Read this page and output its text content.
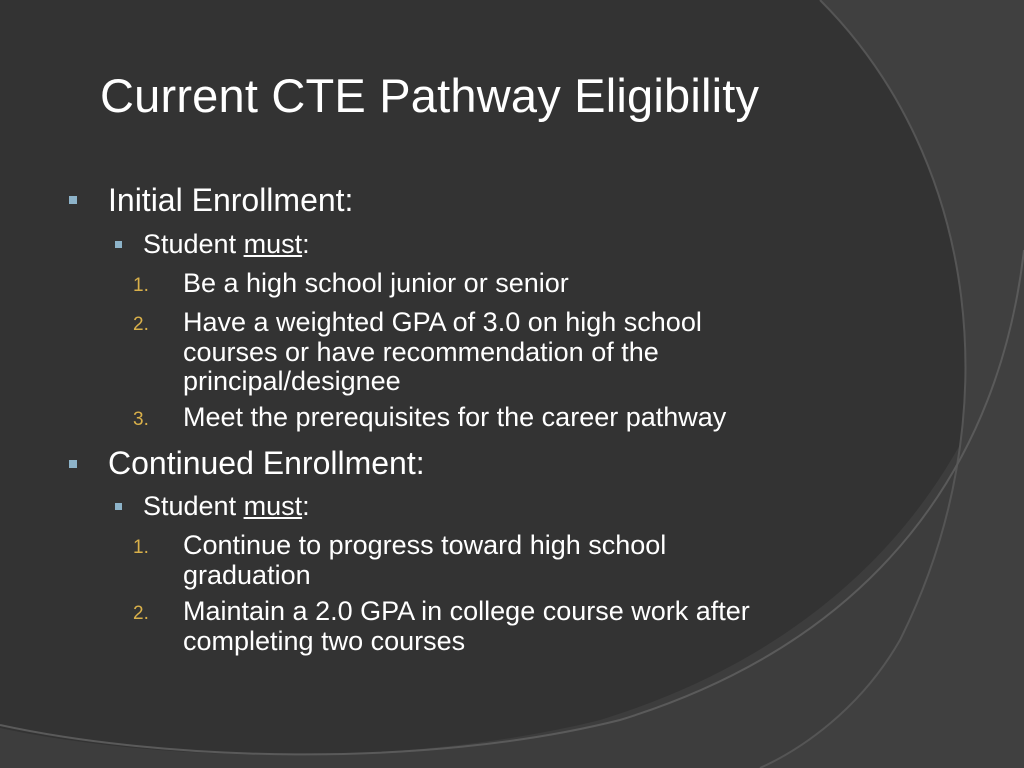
Current CTE Pathway Eligibility
Initial Enrollment:
Student must:
1. Be a high school junior or senior
2. Have a weighted GPA of 3.0 on high school
courses or have recommendation of the
principal/designee
3. Meet the prerequisites for the career pathway
Continued Enrollment:
Student must:
1. Continue to progress toward high school
graduation
2. Maintain a 2.0 GPA in college course work after
completing two courses
